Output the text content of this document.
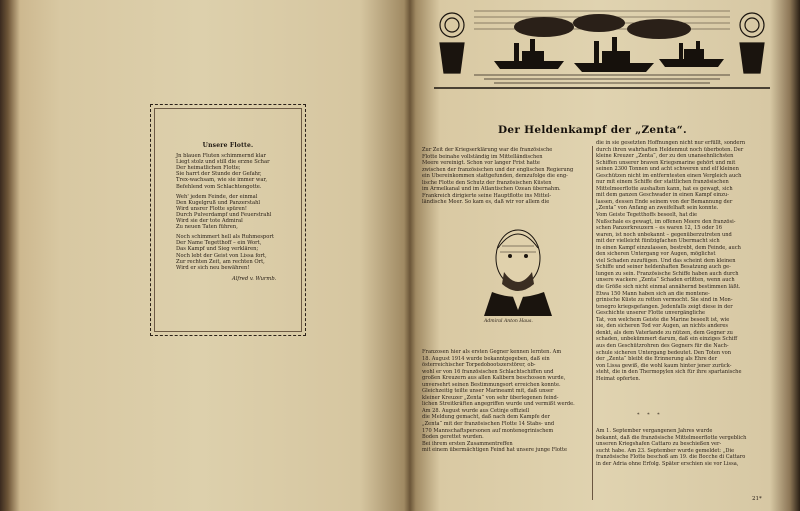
Unsere Flotte.
Jn blauen Fluten schimmernd klar
Liegt stolz und still die erzne Schar
Der heimatlichen Flotte;
Sie harrt der Stunde der Gefahr,
Trex-wachsam, wie sie immer war,
Befehlend vom Schlachtengotte.
Weh' jedem Feinde, der einmal
Den Kugelgruß und Panzerstahl
Wird unsrer Flotte spüren!
Durch Pulverdampf und Feuerstrahl
Wird sie der tote Admiral
Zu neuen Taten führen,
Noch schimmert hell als Ruhmesport
Der Name Tegetthoff – ein Wort,
Das Kampf und Sieg verklären;
Noch lebt der Geist von Lissa fort,
Zur rechten Zeit, am rechten Ort,
Wird er sich neu bewähren!
Alfred v. Wurmb.
Der Heldenkampf der „Zenta“.
Zur Zeit der Kriegserklärung war die französische
Flotte beinahe vollständig im Mittelländischen
Meere vereinigt. Schon vor langer Frist hatte
zwischen der französischen und der englischen Regierung
ein Übereinkommen stattgefunden, demzufolge die eng-
lische Flotte den Schutz der französischen Küsten
im Ärmelkanal und im Atlantischen Ozean übernahm.
Frankreich dirigierte seine Hauptflotte ins Mittel-
ländische Meer. So kam es, daß wir vor allem die
Admiral Anton Haus.
Franzosen hier als ersten Gegner kennen lernten. Am
18. August 1914 wurde bekanntgegeben, daß ein
österreichischer Torpedobootszerstörer, ob-
wohl er von 16 französischen Schlachtschiffen und
großen Kreuzern aus allen Kalibern beschossen wurde,
unversehrt seinen Bestimmungsort erreichen konnte.
Gleichzeitig teilte unser Marineamt mit, daß unser
kleiner Kreuzer „Zenta“ von sehr überlegenen feind-
lichen Streitkräften angegriffen wurde und vermißt werde.
Am 28. August wurde aus Cetinje offiziell
die Meldung gemacht, daß nach dem Kampfe der
„Zenta“ mit der französischen Flotte 14 Stabs- und
170 Mannschaftspersonen auf montenegrinischem
Boden gerettet wurden.
Bei ihrem ersten Zusammentreffen
mit einem übermächtigen Feind hat unsere junge Flotte
die in sie gesetzten Hoffnungen nicht nur erfüllt, sondern
durch ihren wahrhaften Heldenmut noch überboten. Der
kleine Kreuzer „Zenta“, der zu den unansehnlichsten
Schiffen unserer braven Kriegsmarine gehört und mit
seinen 2300 Tonnen und acht schweren und elf kleinen
Geschützen nicht im entferntesten einen Vergleich auch
nur mit einem Schiffe der stattlichen französischen
Mittelmeerflotte aushalten kann, hat es gewagt, sich
mit dem ganzen Geschwader in einen Kampf einzu-
lassen, dessen Ende seinem von der Bemannung der
„Zenta“ von Anfang an zweifelhaft sein konnte.
Vom Geiste Tegetthoffs beseelt, hat die
Nußschale es gewagt, im offenen Meere den französi-
schen Panzerkreuzern – es waren 12, 15 oder 16
waren, ist noch unbekannt – gegenüberzutreten und
mit der vielleicht fünfzigfachen Übermacht sich
in einen Kampf einzulassen, bestrebt, dem Feinde, auch
den sicheren Untergang vor Augen, möglichst
viel Schaden zuzufügen. Und das scheint dem kleinen
Schiffe und seiner heldenhaften Besatzung auch ge-
lungen zu sein. Französische Schiffe haben auch durch
unsere wackere „Zenta“ Schaden erlitten, wenn auch
die Größe sich nicht einmal annähernd bestimmen läßt.
Etwa 150 Mann haben sich an die montene-
grinische Küste zu retten vermocht. Sie sind in Mon-
tenegro kriegsgefangen. Jedenfalls zeigt diese in der
Geschichte unserer Flotte unvergängliche
Tat, von welchem Geiste die Marine beseelt ist, wie
sie, den sicheren Tod vor Augen, an nichts anderes
denkt, als dem Vaterlande zu nützen, dem Gegner zu
schaden, unbekümmert darum, daß ein einziges Schiff
aus den Geschützrohren des Gegners für die Nach-
schule sicheren Untergang bedeutet. Den Toten von
der „Zenta“ bleibt die Erinnerung als Ehre der
von Lissa gewiß, die wohl kaum hinter jener zurück-
steht, die in den Thermopylen sich für ihre spartanische
Heimat opferten.
* * *
Am 1. September vergangenen Jahres wurde
bekannt, daß die französische Mittelmeerflotte vergeblich
unseren Kriegshafen Cattaro zu beschießen ver-
sucht habe. Am 23. September wurde gemeldet: „Die
französische Flotte beschoß am 19. die Bocche di Cattaro
in der Adria ohne Erfolg. Später erschien sie vor Lissa,
21*
